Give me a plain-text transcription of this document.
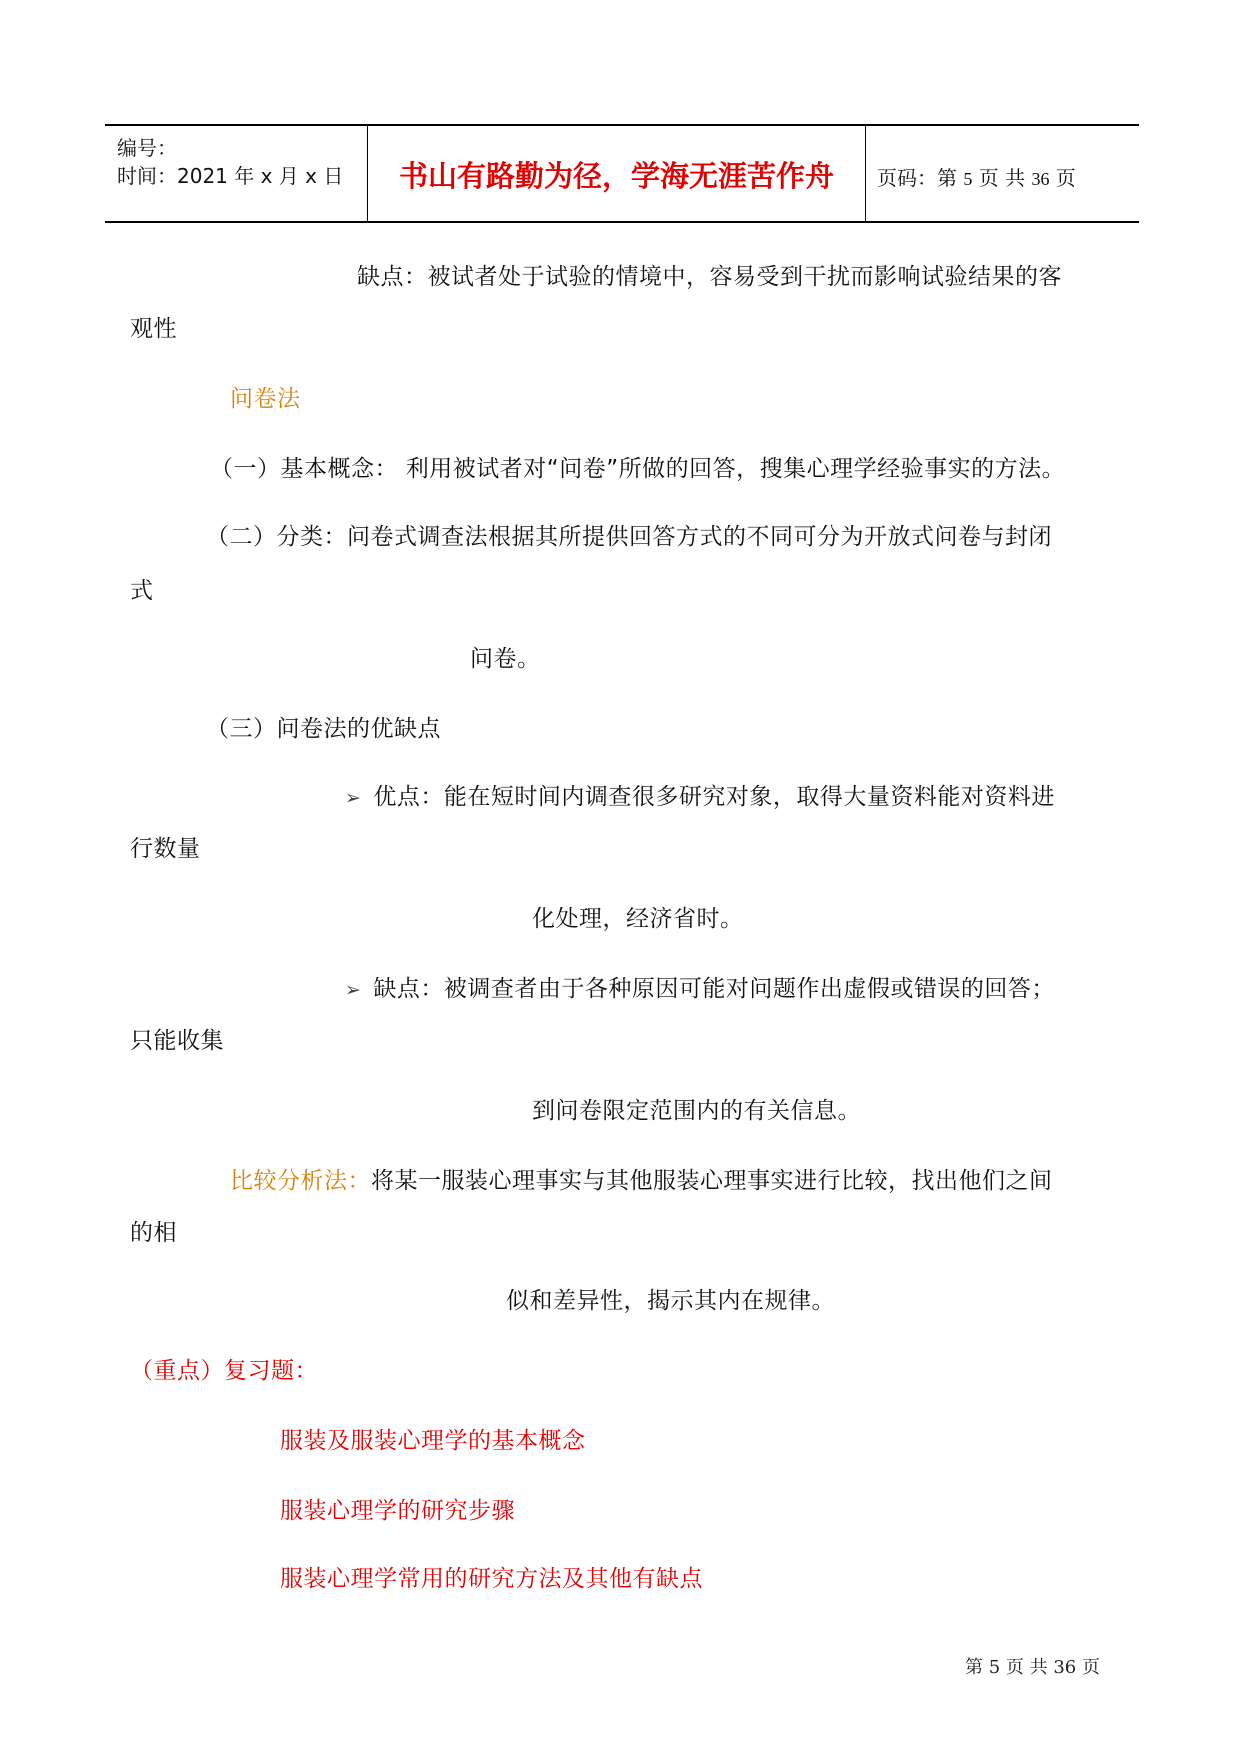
编号：
时间：2021 年 x 月 x 日	书山有路勤为径，学海无涯苦作舟	页码：第 5 页 共 36 页
缺点：被试者处于试验的情境中，容易受到干扰而影响试验结果的客
观性
问卷法
（一）基本概念： 利用被试者对“问卷”所做的回答，搜集心理学经验事实的方法。
（二）分类：问卷式调查法根据其所提供回答方式的不同可分为开放式问卷与封闭
式
问卷。
（三）问卷法的优缺点
➢ 优点：能在短时间内调查很多研究对象，取得大量资料能对资料进
行数量
化处理，经济省时。
➢ 缺点：被调查者由于各种原因可能对问题作出虚假或错误的回答；
只能收集
到问卷限定范围内的有关信息。
比较分析法：将某一服装心理事实与其他服装心理事实进行比较，找出他们之间
的相
似和差异性，揭示其内在规律。
（重点）复习题：
服装及服装心理学的基本概念
服装心理学的研究步骤
服装心理学常用的研究方法及其他有缺点
第 5 页 共 36 页
